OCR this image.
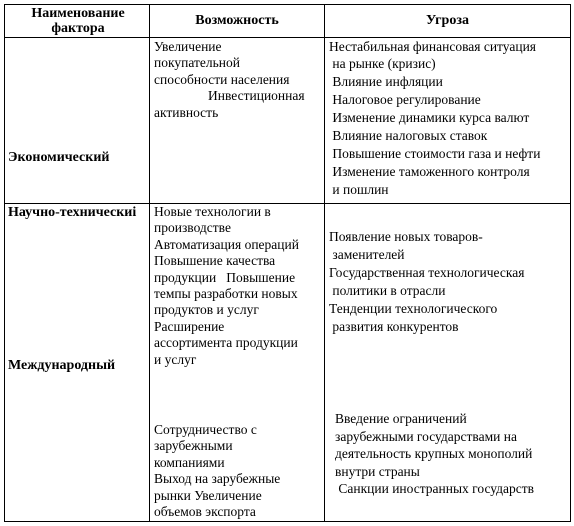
Наименование фактора
Возможность	Угроза
Экономический
Научно-техническиі
Международный
Увеличение
покупательной
способности населения
Инвестиционная
активность
Нестабильная финансовая ситуация
на рынке (кризис)
Влияние инфляции
Налоговое регулирование
Изменение динамики курса валют
Влияние налоговых ставок
Повышение стоимости газа и нефти
Изменение таможенного контроля
и пошлин
Новые технологии в
производстве
Автоматизация операций
Повышение качества
продукции   Повышение
темпы разработки новых
продуктов и услуг
Расширение
ассортимента продукции
и услуг
Появление новых товаров-
заменителей
Государственная технологическая
политики в отрасли
Тенденции технологического
развития конкурентов
Сотрудничество с
зарубежными
компаниями
Выход на зарубежные
рынки Увеличение
объемов экспорта
Введение ограничений
зарубежными государствами на
деятельность крупных монополий
внутри страны
Санкции иностранных государств
